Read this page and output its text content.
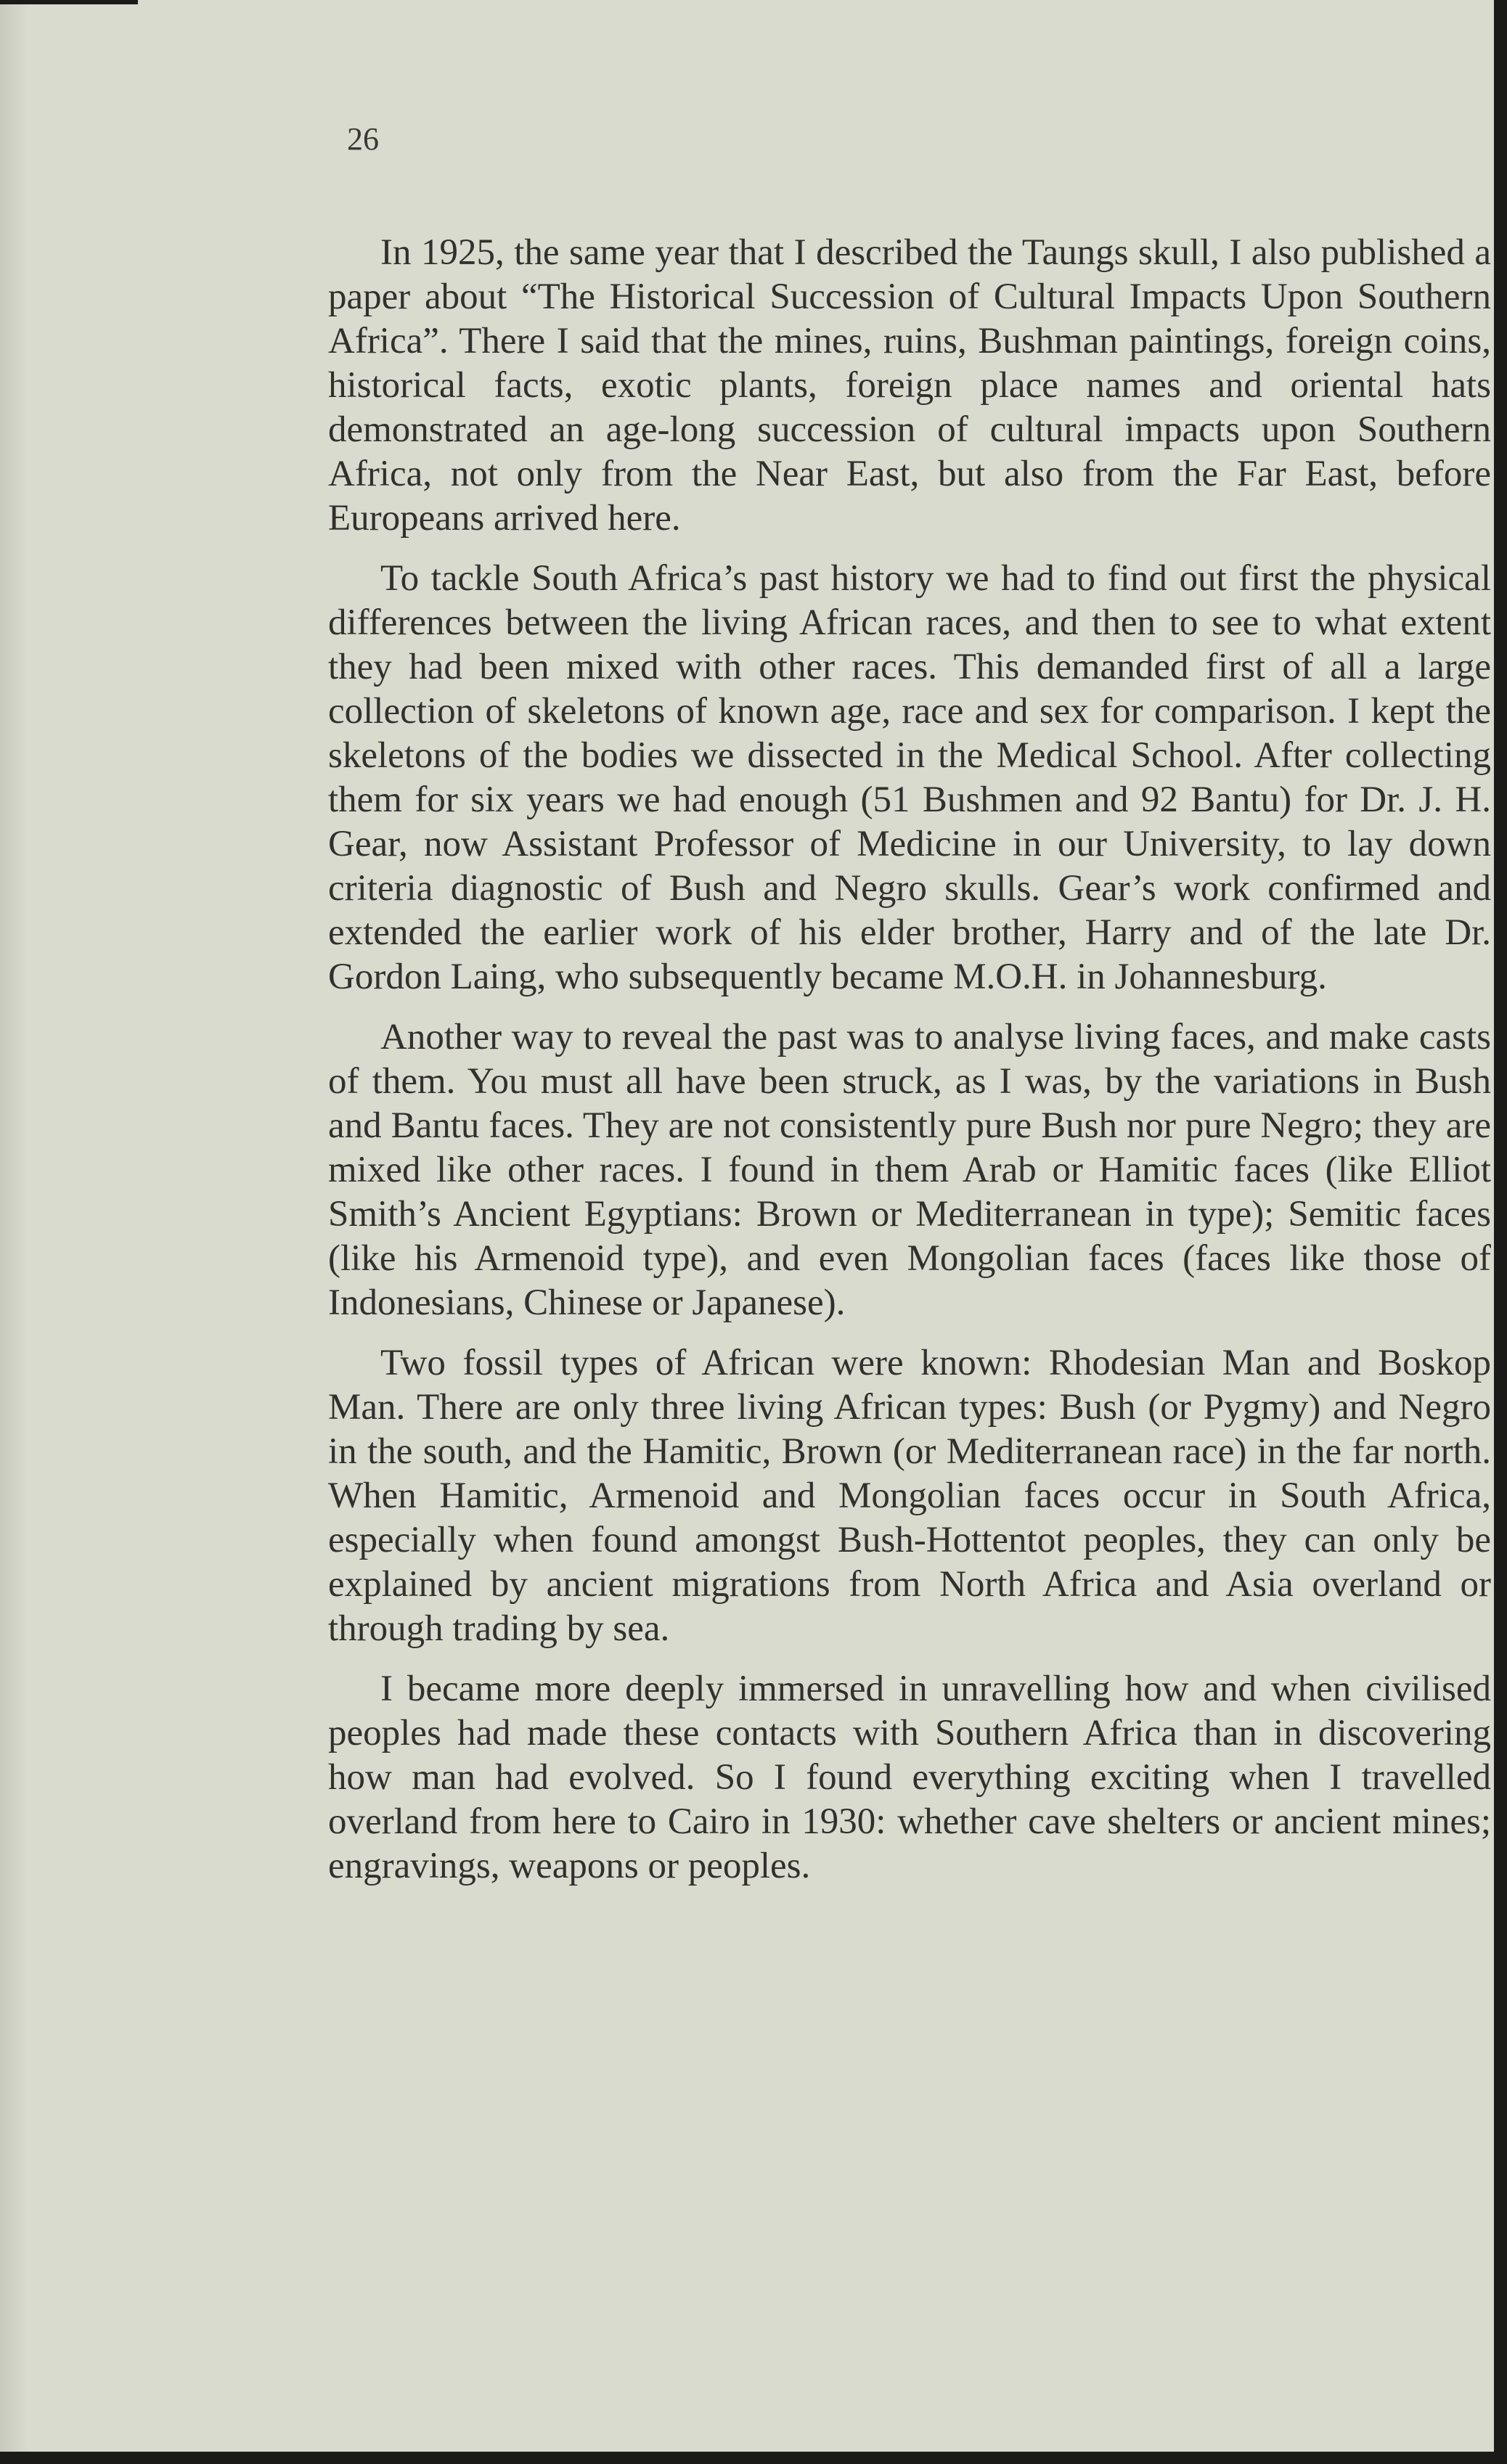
26

In 1925, the same year that I described the Taungs skull, I also published a paper about “The Historical Succession of Cultural Impacts Upon Southern Africa”. There I said that the mines, ruins, Bushman paintings, foreign coins, historical facts, exotic plants, foreign place names and oriental hats demonstrated an age-long succession of cultural impacts upon Southern Africa, not only from the Near East, but also from the Far East, before Europeans arrived here.

To tackle South Africa’s past history we had to find out first the physical differences between the living African races, and then to see to what extent they had been mixed with other races. This demanded first of all a large collection of skeletons of known age, race and sex for comparison. I kept the skeletons of the bodies we dissected in the Medical School. After collecting them for six years we had enough (51 Bushmen and 92 Bantu) for Dr. J. H. Gear, now Assistant Professor of Medicine in our University, to lay down criteria diagnostic of Bush and Negro skulls. Gear’s work confirmed and extended the earlier work of his elder brother, Harry and of the late Dr. Gordon Laing, who subsequently became M.O.H. in Johannesburg.

Another way to reveal the past was to analyse living faces, and make casts of them. You must all have been struck, as I was, by the variations in Bush and Bantu faces. They are not consistently pure Bush nor pure Negro; they are mixed like other races. I found in them Arab or Hamitic faces (like Elliot Smith’s Ancient Egyptians: Brown or Mediterranean in type); Semitic faces (like his Armenoid type), and even Mongolian faces (faces like those of Indonesians, Chinese or Japanese).

Two fossil types of African were known: Rhodesian Man and Boskop Man. There are only three living African types: Bush (or Pygmy) and Negro in the south, and the Hamitic, Brown (or Mediterranean race) in the far north. When Hamitic, Armenoid and Mongolian faces occur in South Africa, especially when found amongst Bush-Hottentot peoples, they can only be explained by ancient migrations from North Africa and Asia overland or through trading by sea.

I became more deeply immersed in unravelling how and when civilised peoples had made these contacts with Southern Africa than in discovering how man had evolved. So I found everything exciting when I travelled overland from here to Cairo in 1930: whether cave shelters or ancient mines; engravings, weapons or peoples.
